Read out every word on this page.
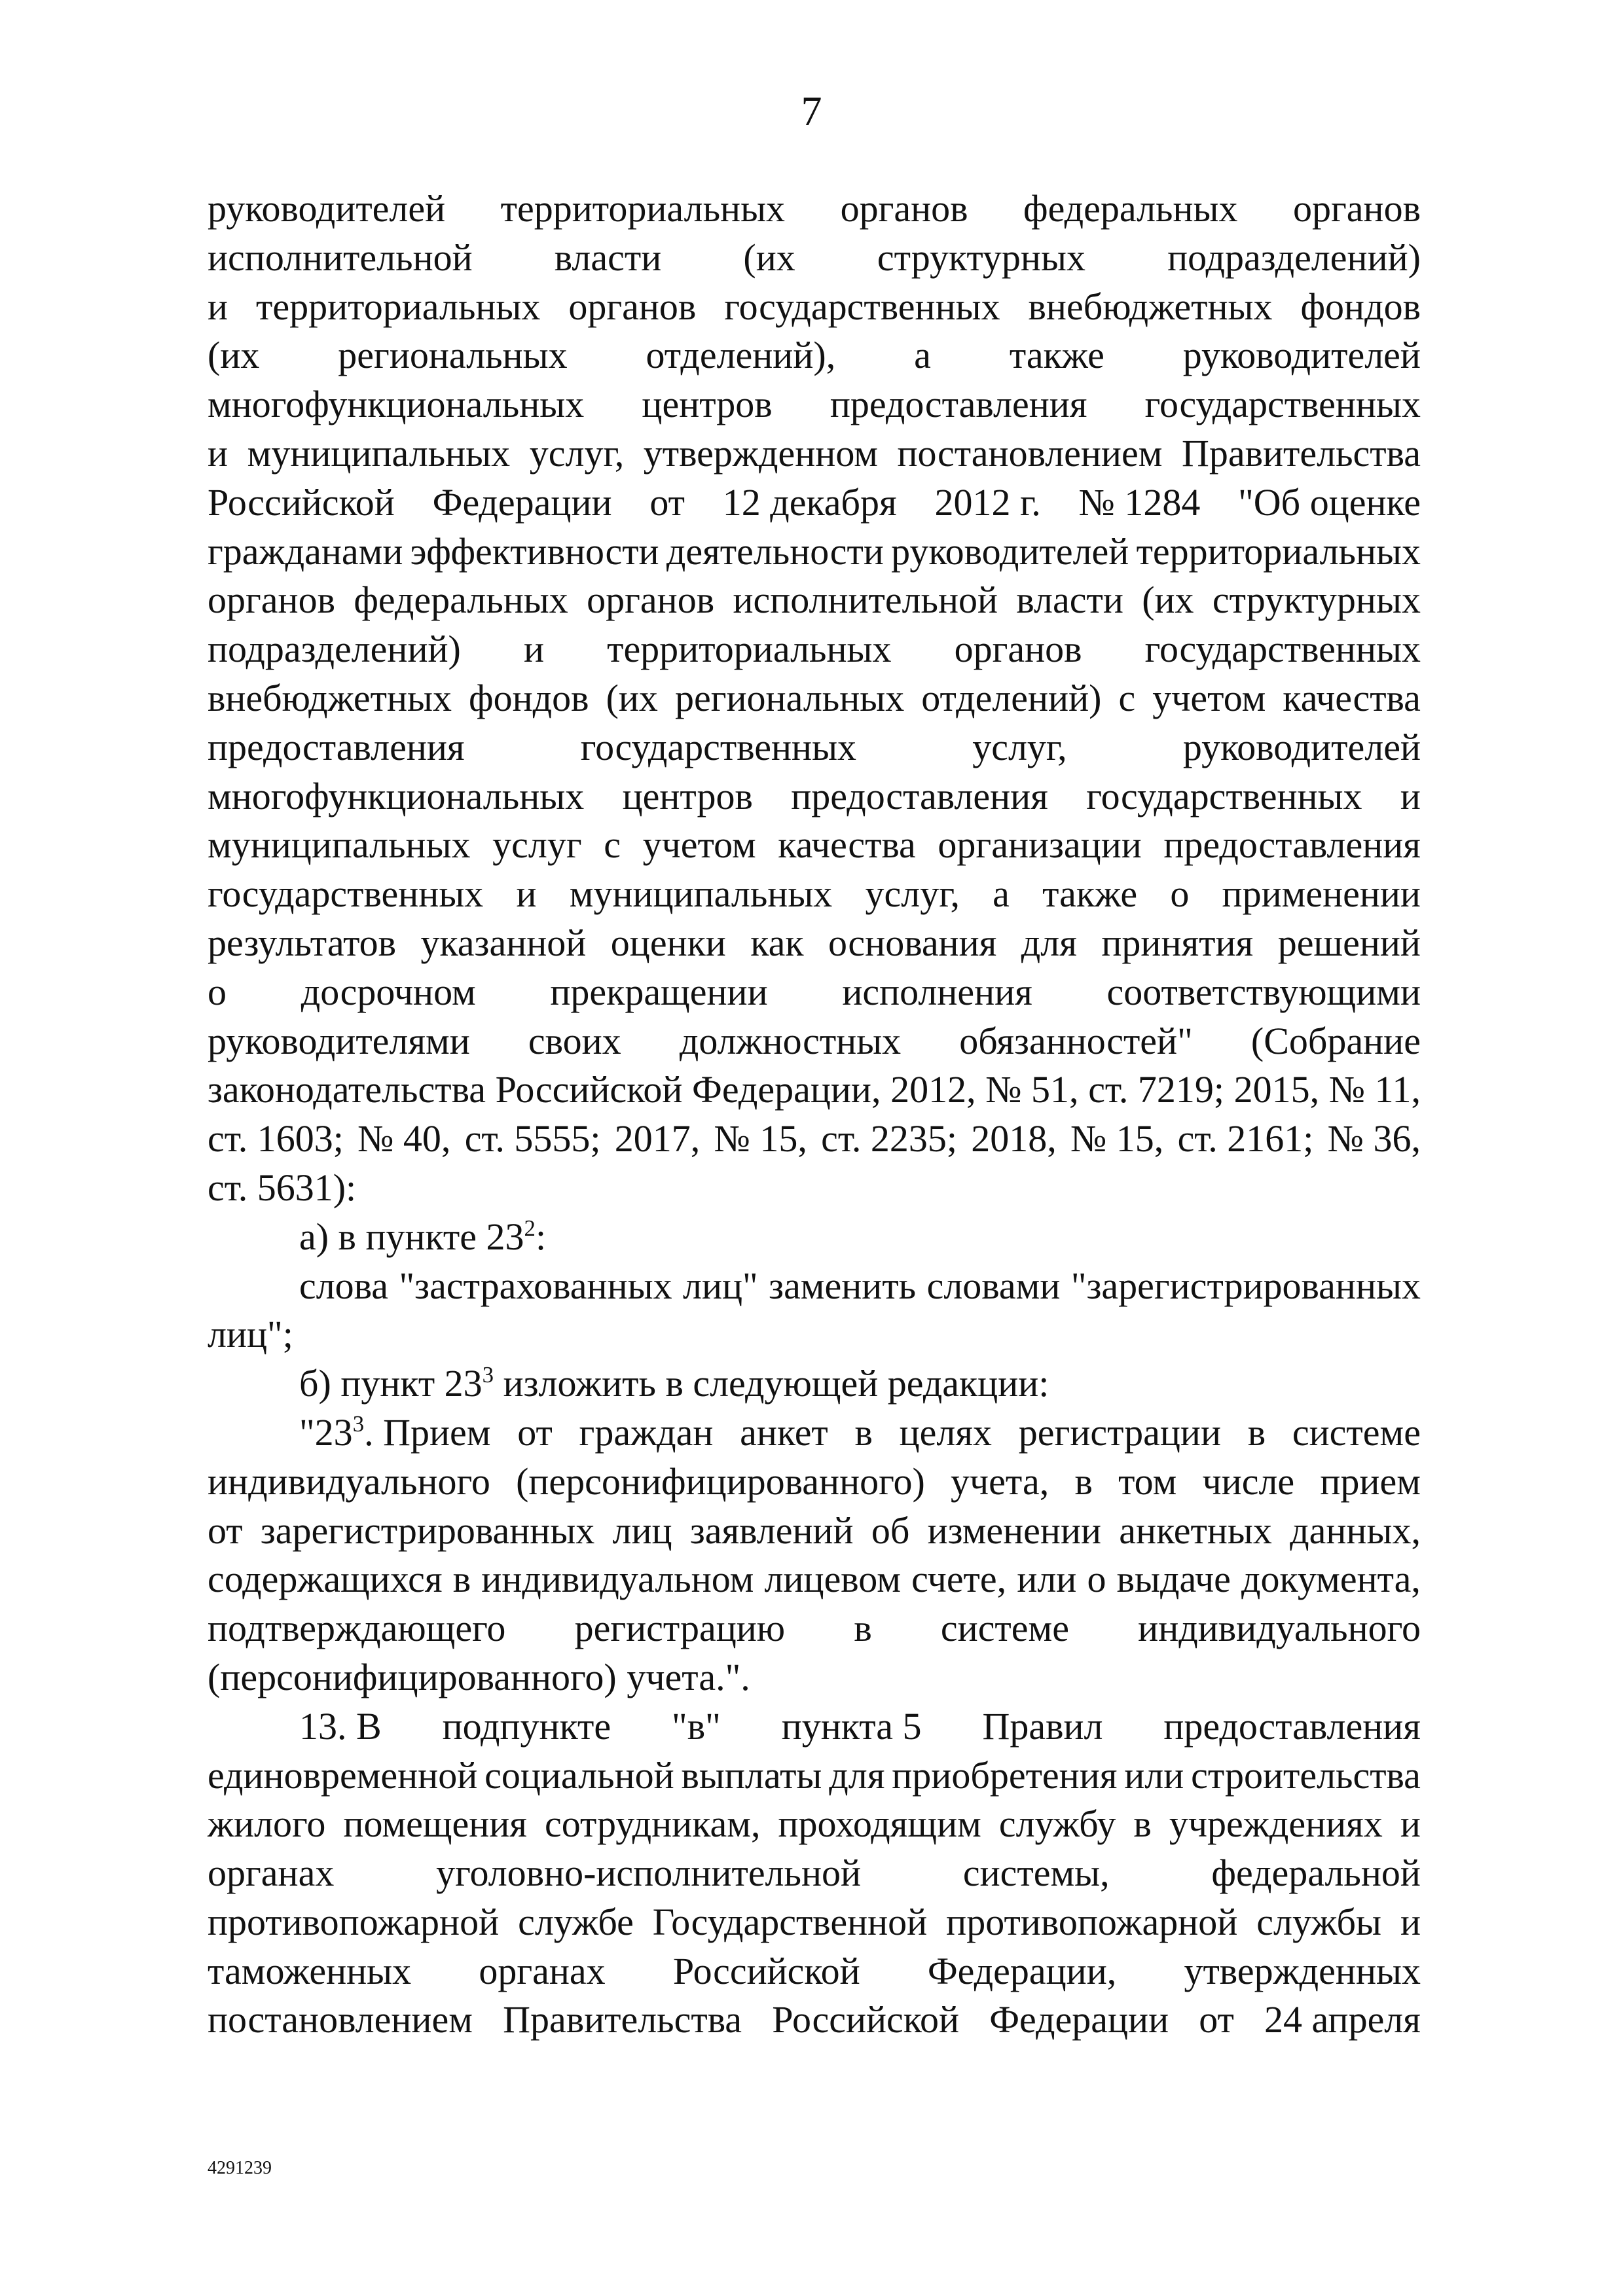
7
руководителей территориальных органов федеральных органов
исполнительной власти (их структурных подразделений)
и территориальных органов государственных внебюджетных фондов
(их региональных отделений), а также руководителей
многофункциональных центров предоставления государственных
и муниципальных услуг, утвержденном постановлением Правительства
Российской Федерации от 12 декабря 2012 г. № 1284 "Об оценке
гражданами эффективности деятельности руководителей территориальных
органов федеральных органов исполнительной власти (их структурных
подразделений) и территориальных органов государственных
внебюджетных фондов (их региональных отделений) с учетом качества
предоставления	государственных	услуг,	руководителей
многофункциональных центров предоставления государственных и
муниципальных услуг с учетом качества организации предоставления
государственных и муниципальных услуг, а также о применении
результатов указанной оценки как основания для принятия решений
о досрочном прекращении исполнения соответствующими
руководителями своих должностных обязанностей" (Собрание
законодательства Российской Федерации, 2012, № 51, ст. 7219; 2015, № 11,
ст. 1603; № 40, ст. 5555; 2017, № 15, ст. 2235; 2018, № 15, ст. 2161; № 36,
ст. 5631):
а) в пункте $23^2$:
слова "застрахованных лиц" заменить словами "зарегистрированных
лиц";
б) пункт $23^3$ изложить в следующей редакции:
"$23^3$. Прием от граждан анкет в целях регистрации в системе
индивидуального (персонифицированного) учета, в том числе прием
от зарегистрированных лиц заявлений об изменении анкетных данных,
содержащихся в индивидуальном лицевом счете, или о выдаче документа,
подтверждающего регистрацию в системе индивидуального
(персонифицированного) учета.".
13. В подпункте "в" пункта 5 Правил предоставления
единовременной социальной выплаты для приобретения или строительства
жилого помещения сотрудникам, проходящим службу в учреждениях и
органах	уголовно-исполнительной	системы,	федеральной
противопожарной службе Государственной противопожарной службы и
таможенных органах Российской Федерации, утвержденных
постановлением Правительства Российской Федерации от 24 апреля
4291239
